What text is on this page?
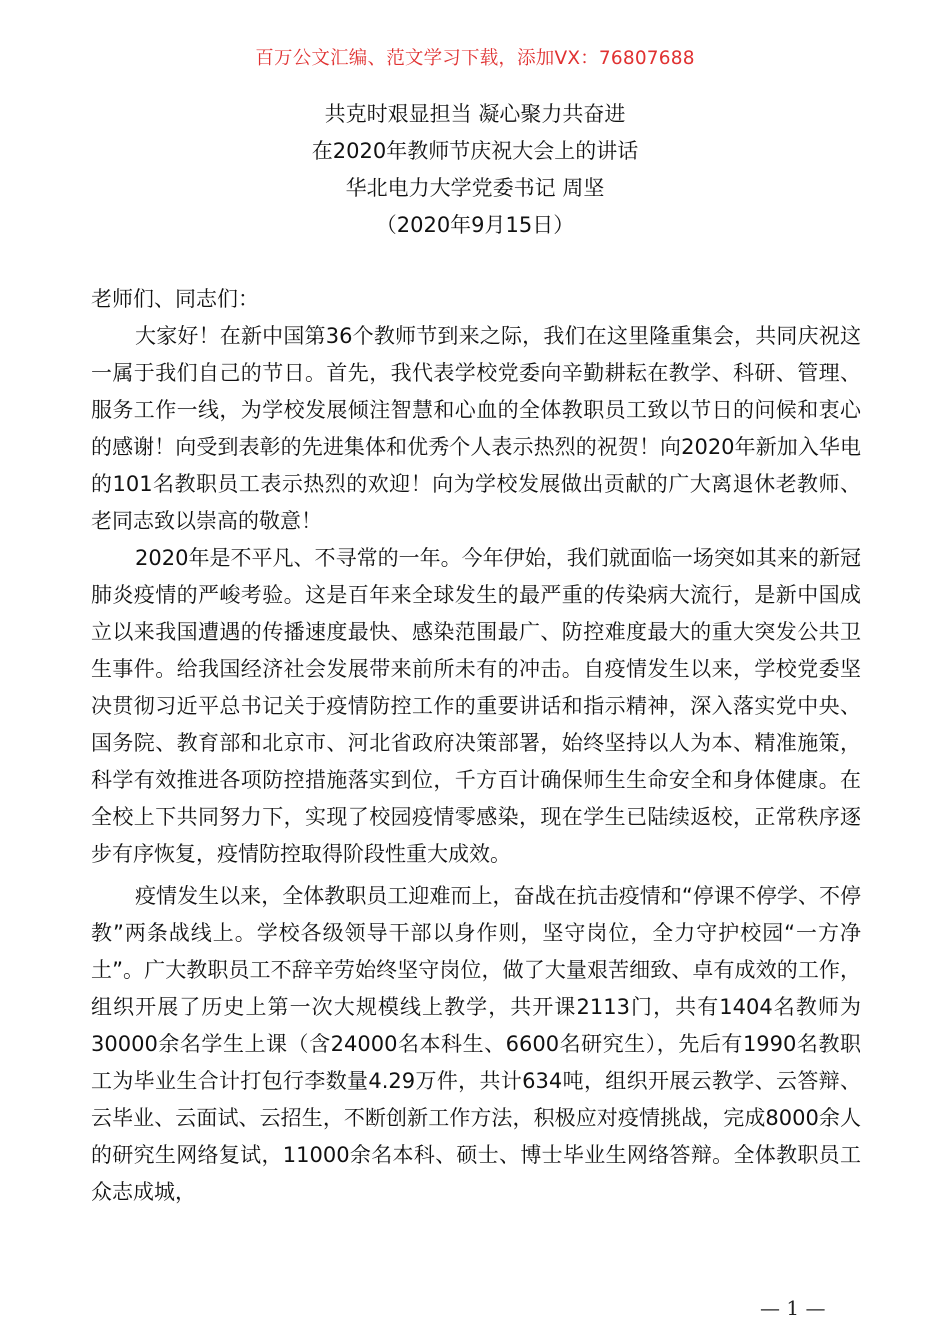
百万公文汇编、范文学习下载，添加VX：76807688
共克时艰显担当 凝心聚力共奋进
在2020年教师节庆祝大会上的讲话
华北电力大学党委书记 周坚
（2020年9月15日）

老师们、同志们：

大家好！在新中国第36个教师节到来之际，我们在这里隆重集会，共同庆祝这一属于我们自己的节日。首先，我代表学校党委向辛勤耕耘在教学、科研、管理、服务工作一线，为学校发展倾注智慧和心血的全体教职员工致以节日的问候和衷心的感谢！向受到表彰的先进集体和优秀个人表示热烈的祝贺！向2020年新加入华电的101名教职员工表示热烈的欢迎！向为学校发展做出贡献的广大离退休老教师、老同志致以崇高的敬意！

2020年是不平凡、不寻常的一年。今年伊始，我们就面临一场突如其来的新冠肺炎疫情的严峻考验。这是百年来全球发生的最严重的传染病大流行，是新中国成立以来我国遭遇的传播速度最快、感染范围最广、防控难度最大的重大突发公共卫生事件。给我国经济社会发展带来前所未有的冲击。自疫情发生以来，学校党委坚决贯彻习近平总书记关于疫情防控工作的重要讲话和指示精神，深入落实党中央、国务院、教育部和北京市、河北省政府决策部署，始终坚持以人为本、精准施策，科学有效推进各项防控措施落实到位，千方百计确保师生生命安全和身体健康。在全校上下共同努力下，实现了校园疫情零感染，现在学生已陆续返校，正常秩序逐步有序恢复，疫情防控取得阶段性重大成效。

疫情发生以来，全体教职员工迎难而上，奋战在抗击疫情和“停课不停学、不停教”两条战线上。学校各级领导干部以身作则，坚守岗位，全力守护校园“一方净土”。广大教职员工不辞辛劳始终坚守岗位，做了大量艰苦细致、卓有成效的工作，组织开展了历史上第一次大规模线上教学，共开课2113门，共有1404名教师为30000余名学生上课（含24000名本科生、6600名研究生），先后有1990名教职工为毕业生合计打包行李数量4.29万件，共计634吨，组织开展云教学、云答辩、云毕业、云面试、云招生，不断创新工作方法，积极应对疫情挑战，完成8000余人的研究生网络复试，11000余名本科、硕士、博士毕业生网络答辩。全体教职员工众志成城，

— 1 —
